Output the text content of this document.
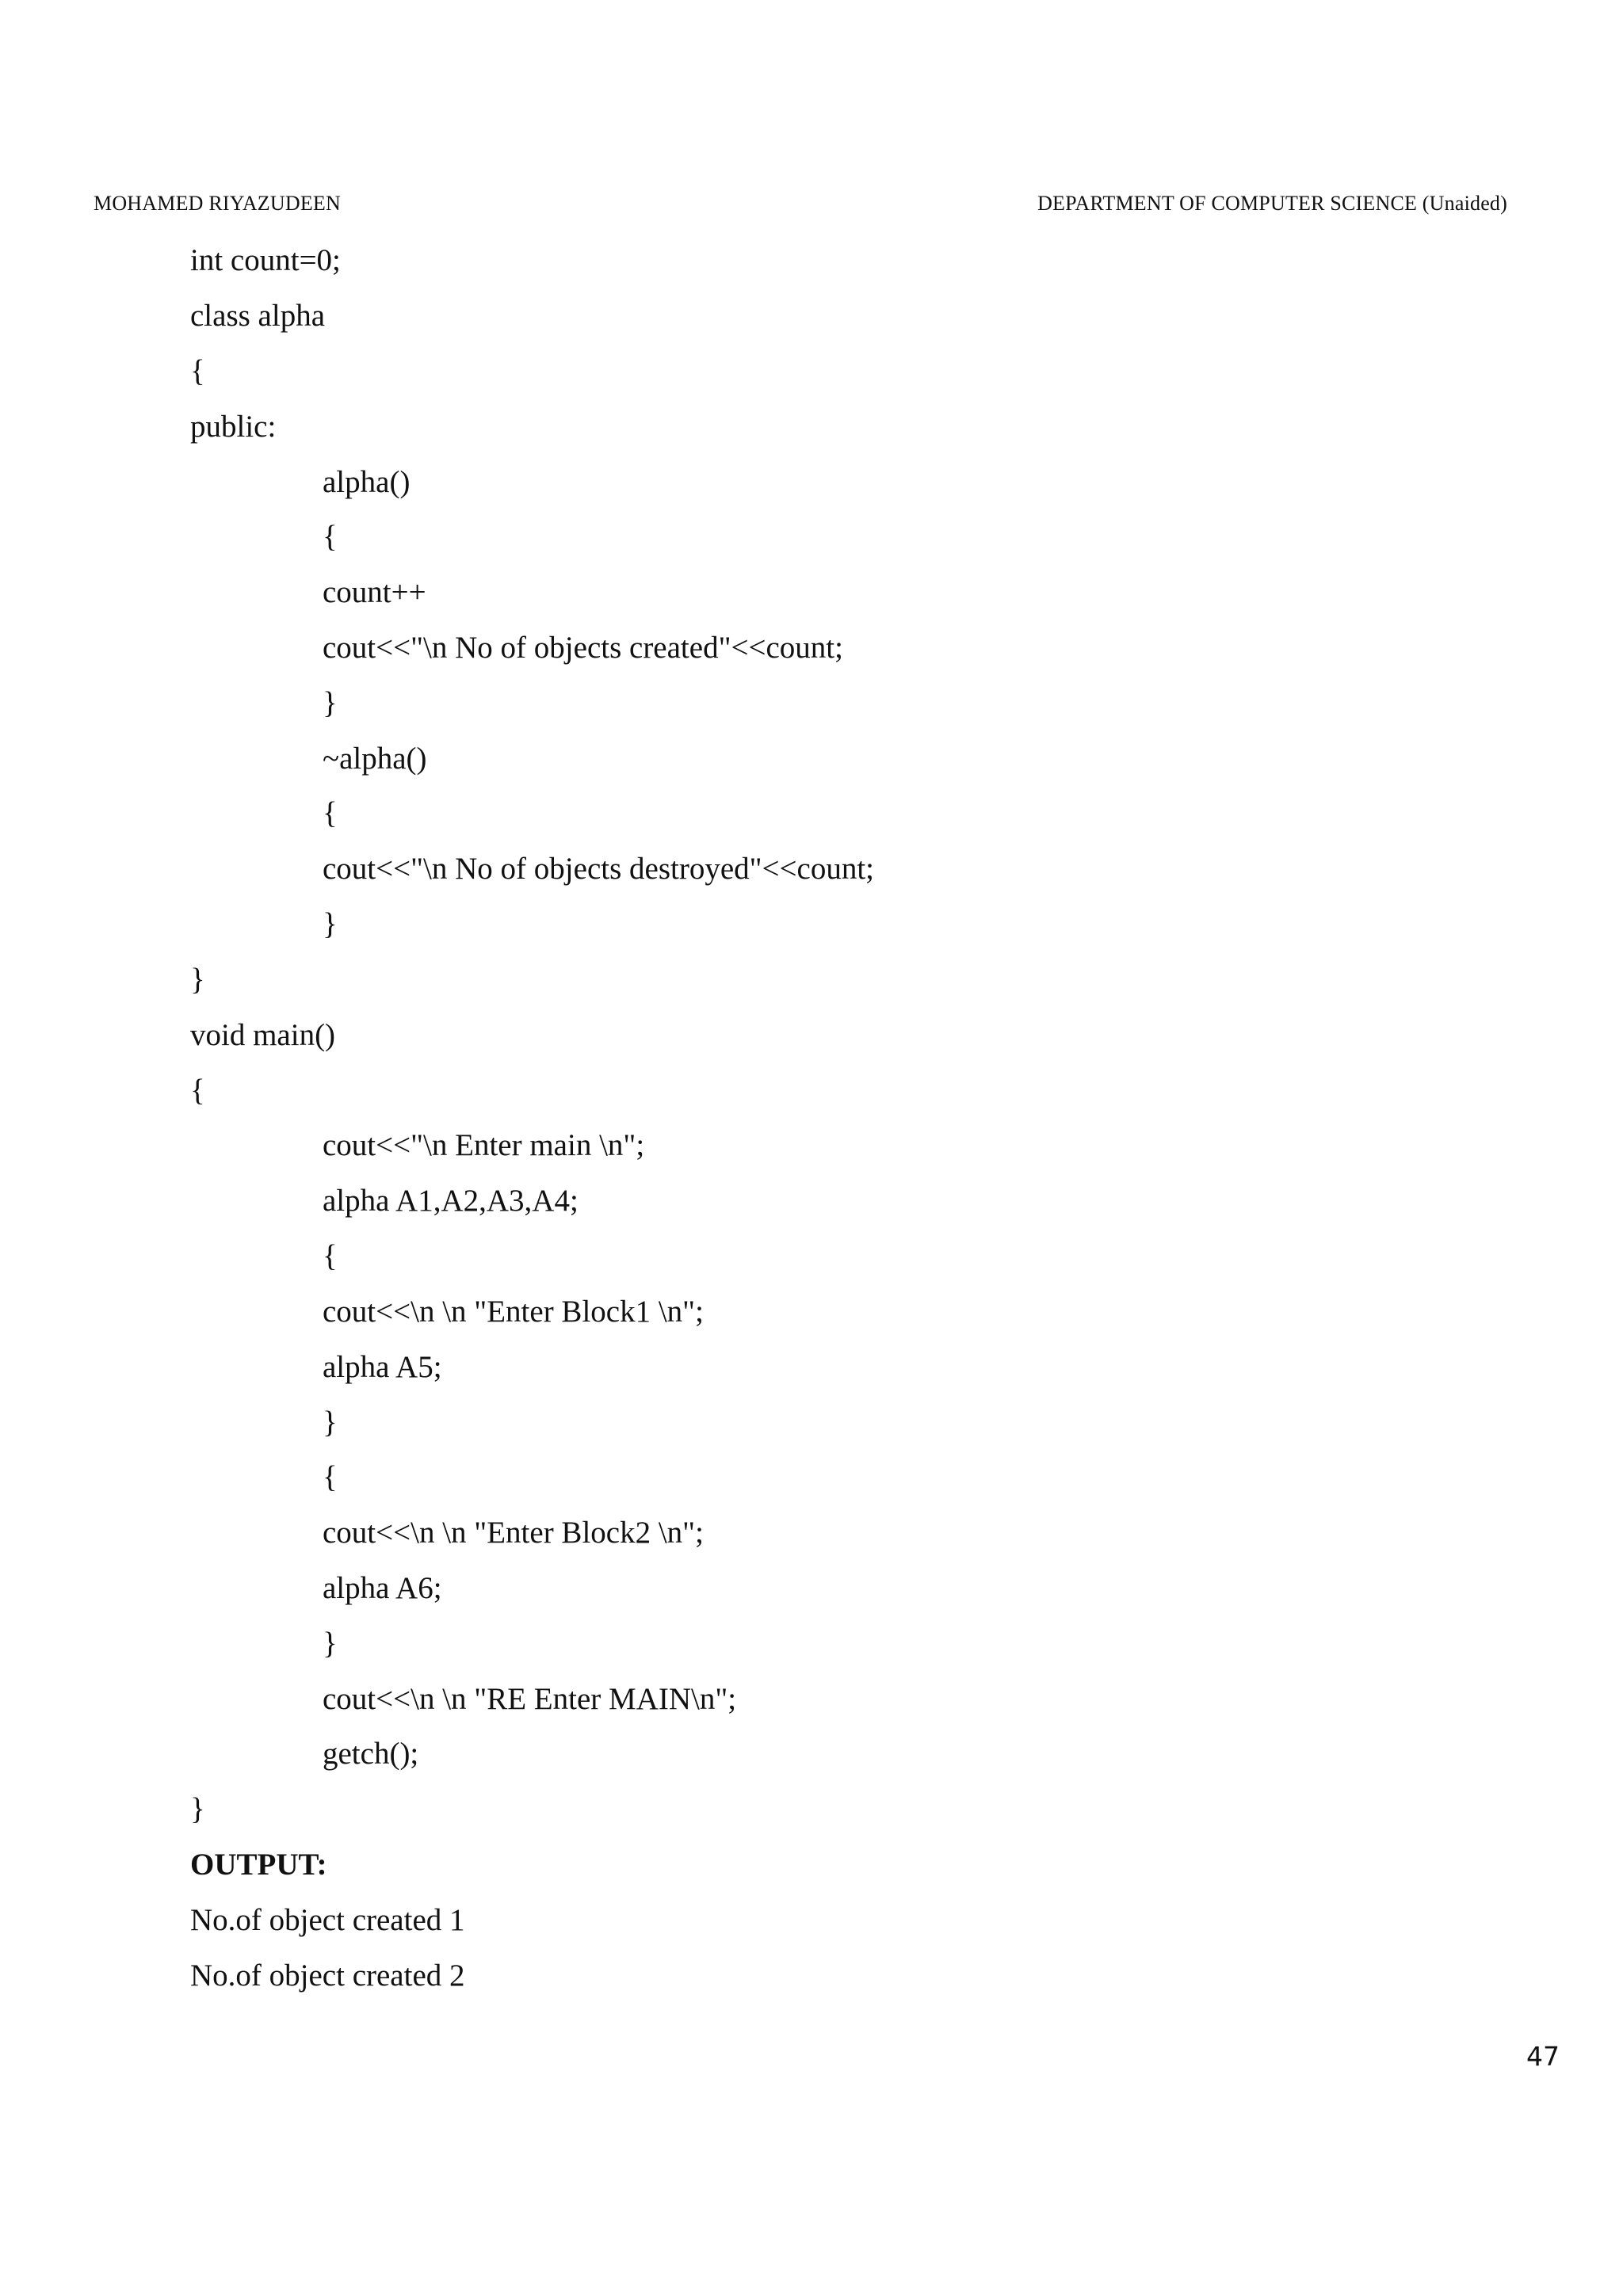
MOHAMED RIYAZUDEEN	DEPARTMENT OF COMPUTER SCIENCE (Unaided)
int count=0;
class alpha
{
public:
alpha()
{
count++
cout<<"\n No of objects created"<<count;
}
~alpha()
{
cout<<"\n No of objects destroyed"<<count;
}
}
void main()
{
cout<<"\n Enter main \n";
alpha A1,A2,A3,A4;
{
cout<<\n \n "Enter Block1 \n";
alpha A5;
}
{
cout<<\n \n "Enter Block2 \n";
alpha A6;
}
cout<<\n \n "RE Enter MAIN\n";
getch();
}
OUTPUT:
No.of object created 1
No.of object created 2
47
